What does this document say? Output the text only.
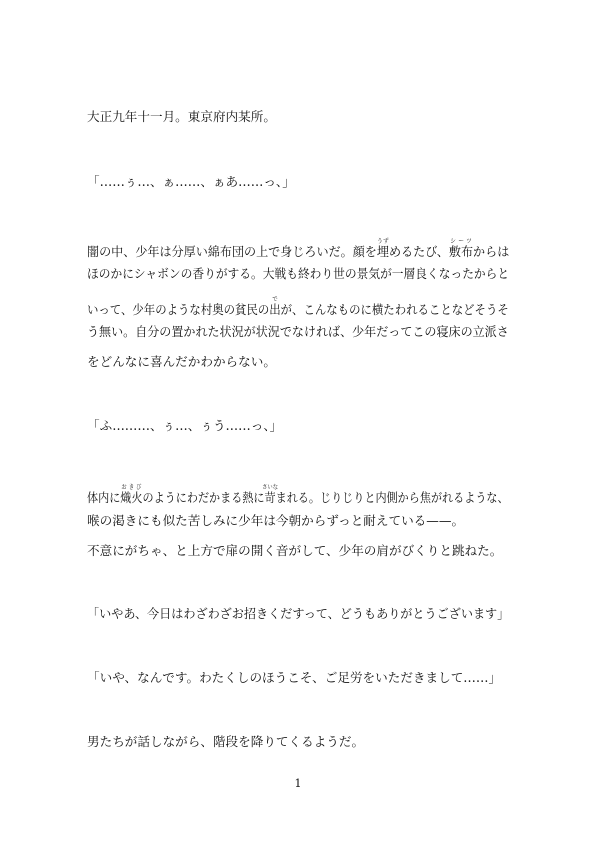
大正九年十一月。東京府内某所。
「……ぅ…、ぁ……、ぁあ……っ、」
闇の中、少年は分厚い綿布団の上で身じろいだ。顔を埋うずめるたび、敷布シーツからは
ほのかにシャボンの香りがする。大戦も終わり世の景気が一層良くなったからと
いって、少年のような村奥の貧民の出でが、こんなものに横たわれることなどそうそ
う無い。自分の置かれた状況が状況でなければ、少年だってこの寝床の立派さ
をどんなに喜んだかわからない。
「ふ………、ぅ…、ぅう……っ、」
体内に熾火おきびのようにわだかまる熱に苛さいなまれる。じりじりと内側から焦がれるような、
喉の渇きにも似た苦しみに少年は今朝からずっと耐えている——。
不意にがちゃ、と上方で扉の開く音がして、少年の肩がびくりと跳ねた。
「いやあ、今日はわざわざお招きくだすって、どうもありがとうございます」
「いや、なんです。わたくしのほうこそ、ご足労をいただきまして……」
男たちが話しながら、階段を降りてくるようだ。
1
